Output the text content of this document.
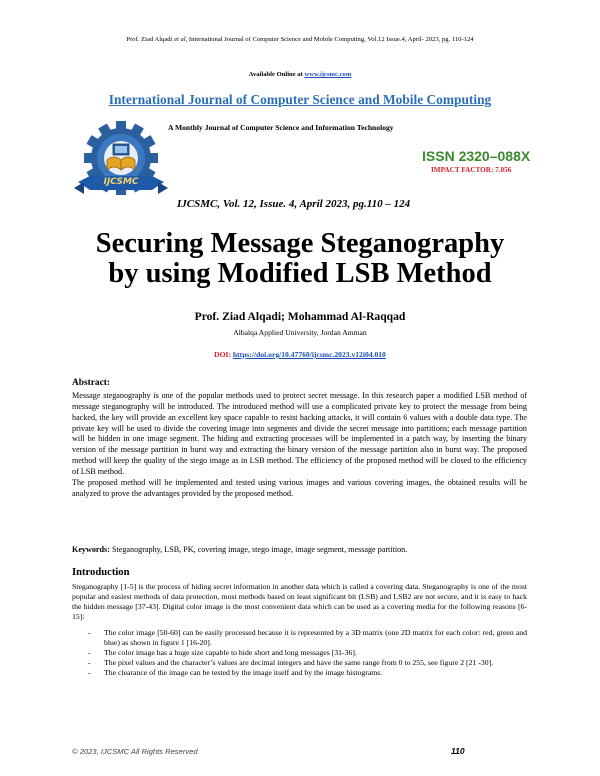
Prof. Ziad Alqadi et al, International Journal of Computer Science and Mobile Computing, Vol.12 Issue.4, April- 2023, pg. 110-124
Available Online at www.ijcsmc.com
International Journal of Computer Science and Mobile Computing
IJCSMC
A Monthly Journal of Computer Science and Information Technology
ISSN 2320–088X
IMPACT FACTOR: 7.056
IJCSMC, Vol. 12, Issue. 4, April 2023, pg.110 – 124
Securing Message Steganography
by using Modified LSB Method
Prof. Ziad Alqadi; Mohammad Al-Raqqad
Albalqa Applied University, Jordan Amman
DOI: https://doi.org/10.47760/ijcsmc.2023.v12i04.010
Abstract:

Message steganography is one of the popular methods used to protect secret message. In this research paper a modified LSB method of message steganography will be introduced. The introduced method will use a complicated private key to protect the message from being hacked, the key will provide an excellent key space capable to resist hacking attacks, it will contain 6 values with a double data type. The private key will be used to divide the covering image into segments and divide the secret message into partitions; each message partition will be hidden in one image segment. The hiding and extracting processes will be implemented in a patch way, by inserting the binary version of the message partition in burst way and extracting the binary version of the message partition also in burst way. The proposed method will keep the quality of the stego image as in LSB method. The efficiency of the proposed method will be closed to the efficiency of LSB method.

The proposed method will be implemented and tested using various images and various covering images, the obtained results will be analyzed to prove the advantages provided by the proposed method.

Keywords: Steganography, LSB, PK, covering image, stego image, image segment, message partition.
Introduction

Steganography [1-5] is the process of hiding secret information in another data which is called a covering data. Steganography is one of the most popular and easiest methods of data protection, most methods based on least significant bit (LSB) and LSB2 are not secure, and it is easy to hack the hidden message [37-43]. Digital color image is the most convenient data which can be used as a covering media for the following reasons [6-15]:

- The color image [50-60] can be easily processed because it is represented by a 3D matrix (one 2D matrix for each color: red, green and blue) as shown in figure 1 [16-20].
- The color image has a huge size capable to hide short and long messages [31-36].
- The pixel values and the character’s values are decimal integers and have the same range from 0 to 255, see figure 2 [21 -30].
- The clearance of the image can be tested by the image itself and by the image histograms.
© 2023, IJCSMC All Rights Reserved	110
